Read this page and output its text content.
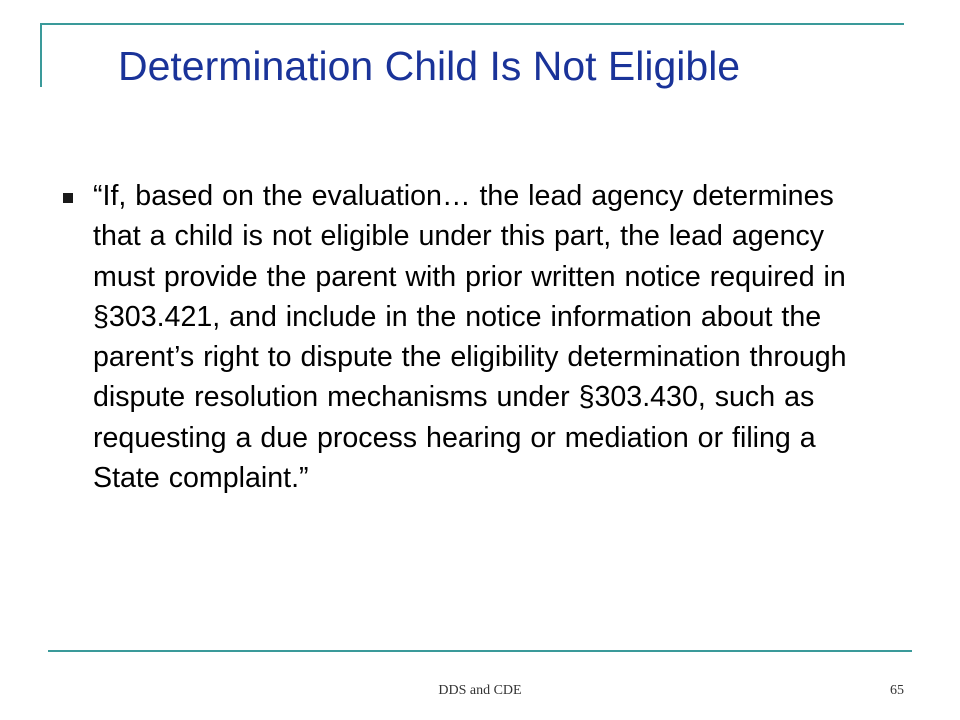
Determination Child Is Not Eligible

“If, based on the evaluation… the lead agency determines that a child is not eligible under this part, the lead agency must provide the parent with prior written notice required in §303.421, and include in the notice information about the parent’s right to dispute the eligibility determination through dispute resolution mechanisms under §303.430, such as requesting a due process hearing or mediation or filing a State complaint.”

DDS and CDE	65
